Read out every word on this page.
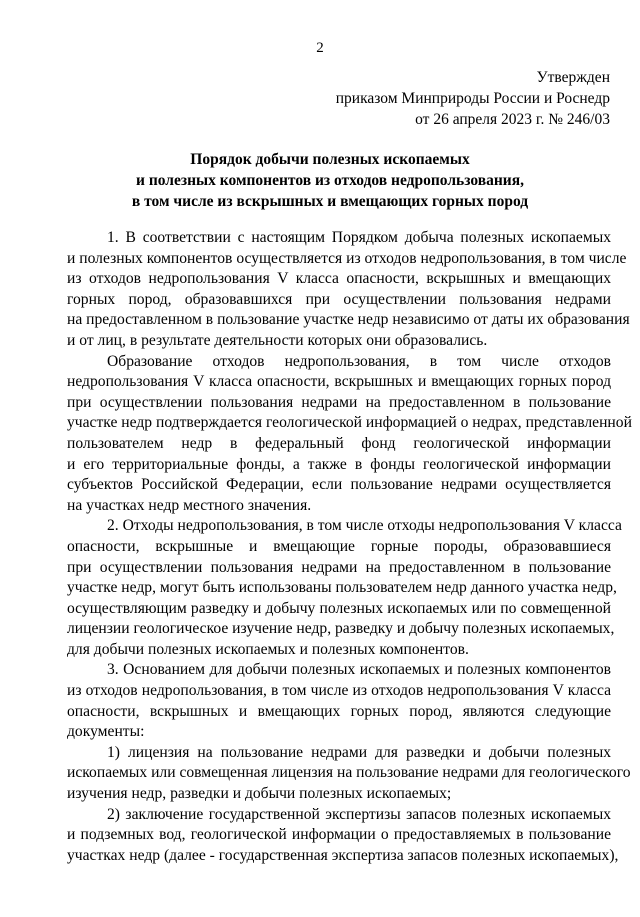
2
Утвержден
приказом Минприроды России и Роснедр
от 26 апреля 2023 г. № 246/03
Порядок добычи полезных ископаемых
и полезных компонентов из отходов недропользования,
в том числе из вскрышных и вмещающих горных пород
1. В соответствии с настоящим Порядком добыча полезных ископаемых
и полезных компонентов осуществляется из отходов недропользования, в том числе
из отходов недропользования V класса опасности, вскрышных и вмещающих
горных пород, образовавшихся при осуществлении пользования недрами
на предоставленном в пользование участке недр независимо от даты их образования
и от лиц, в результате деятельности которых они образовались.
Образование отходов недропользования, в том числе отходов
недропользования V класса опасности, вскрышных и вмещающих горных пород
при осуществлении пользования недрами на предоставленном в пользование
участке недр подтверждается геологической информацией о недрах, представленной
пользователем недр в федеральный фонд геологической информации
и его территориальные фонды, а также в фонды геологической информации
субъектов Российской Федерации, если пользование недрами осуществляется
на участках недр местного значения.
2. Отходы недропользования, в том числе отходы недропользования V класса
опасности, вскрышные и вмещающие горные породы, образовавшиеся
при осуществлении пользования недрами на предоставленном в пользование
участке недр, могут быть использованы пользователем недр данного участка недр,
осуществляющим разведку и добычу полезных ископаемых или по совмещенной
лицензии геологическое изучение недр, разведку и добычу полезных ископаемых,
для добычи полезных ископаемых и полезных компонентов.
3. Основанием для добычи полезных ископаемых и полезных компонентов
из отходов недропользования, в том числе из отходов недропользования V класса
опасности, вскрышных и вмещающих горных пород, являются следующие
документы:
1) лицензия на пользование недрами для разведки и добычи полезных
ископаемых или совмещенная лицензия на пользование недрами для геологического
изучения недр, разведки и добычи полезных ископаемых;
2) заключение государственной экспертизы запасов полезных ископаемых
и подземных вод, геологической информации о предоставляемых в пользование
участках недр (далее - государственная экспертиза запасов полезных ископаемых),
